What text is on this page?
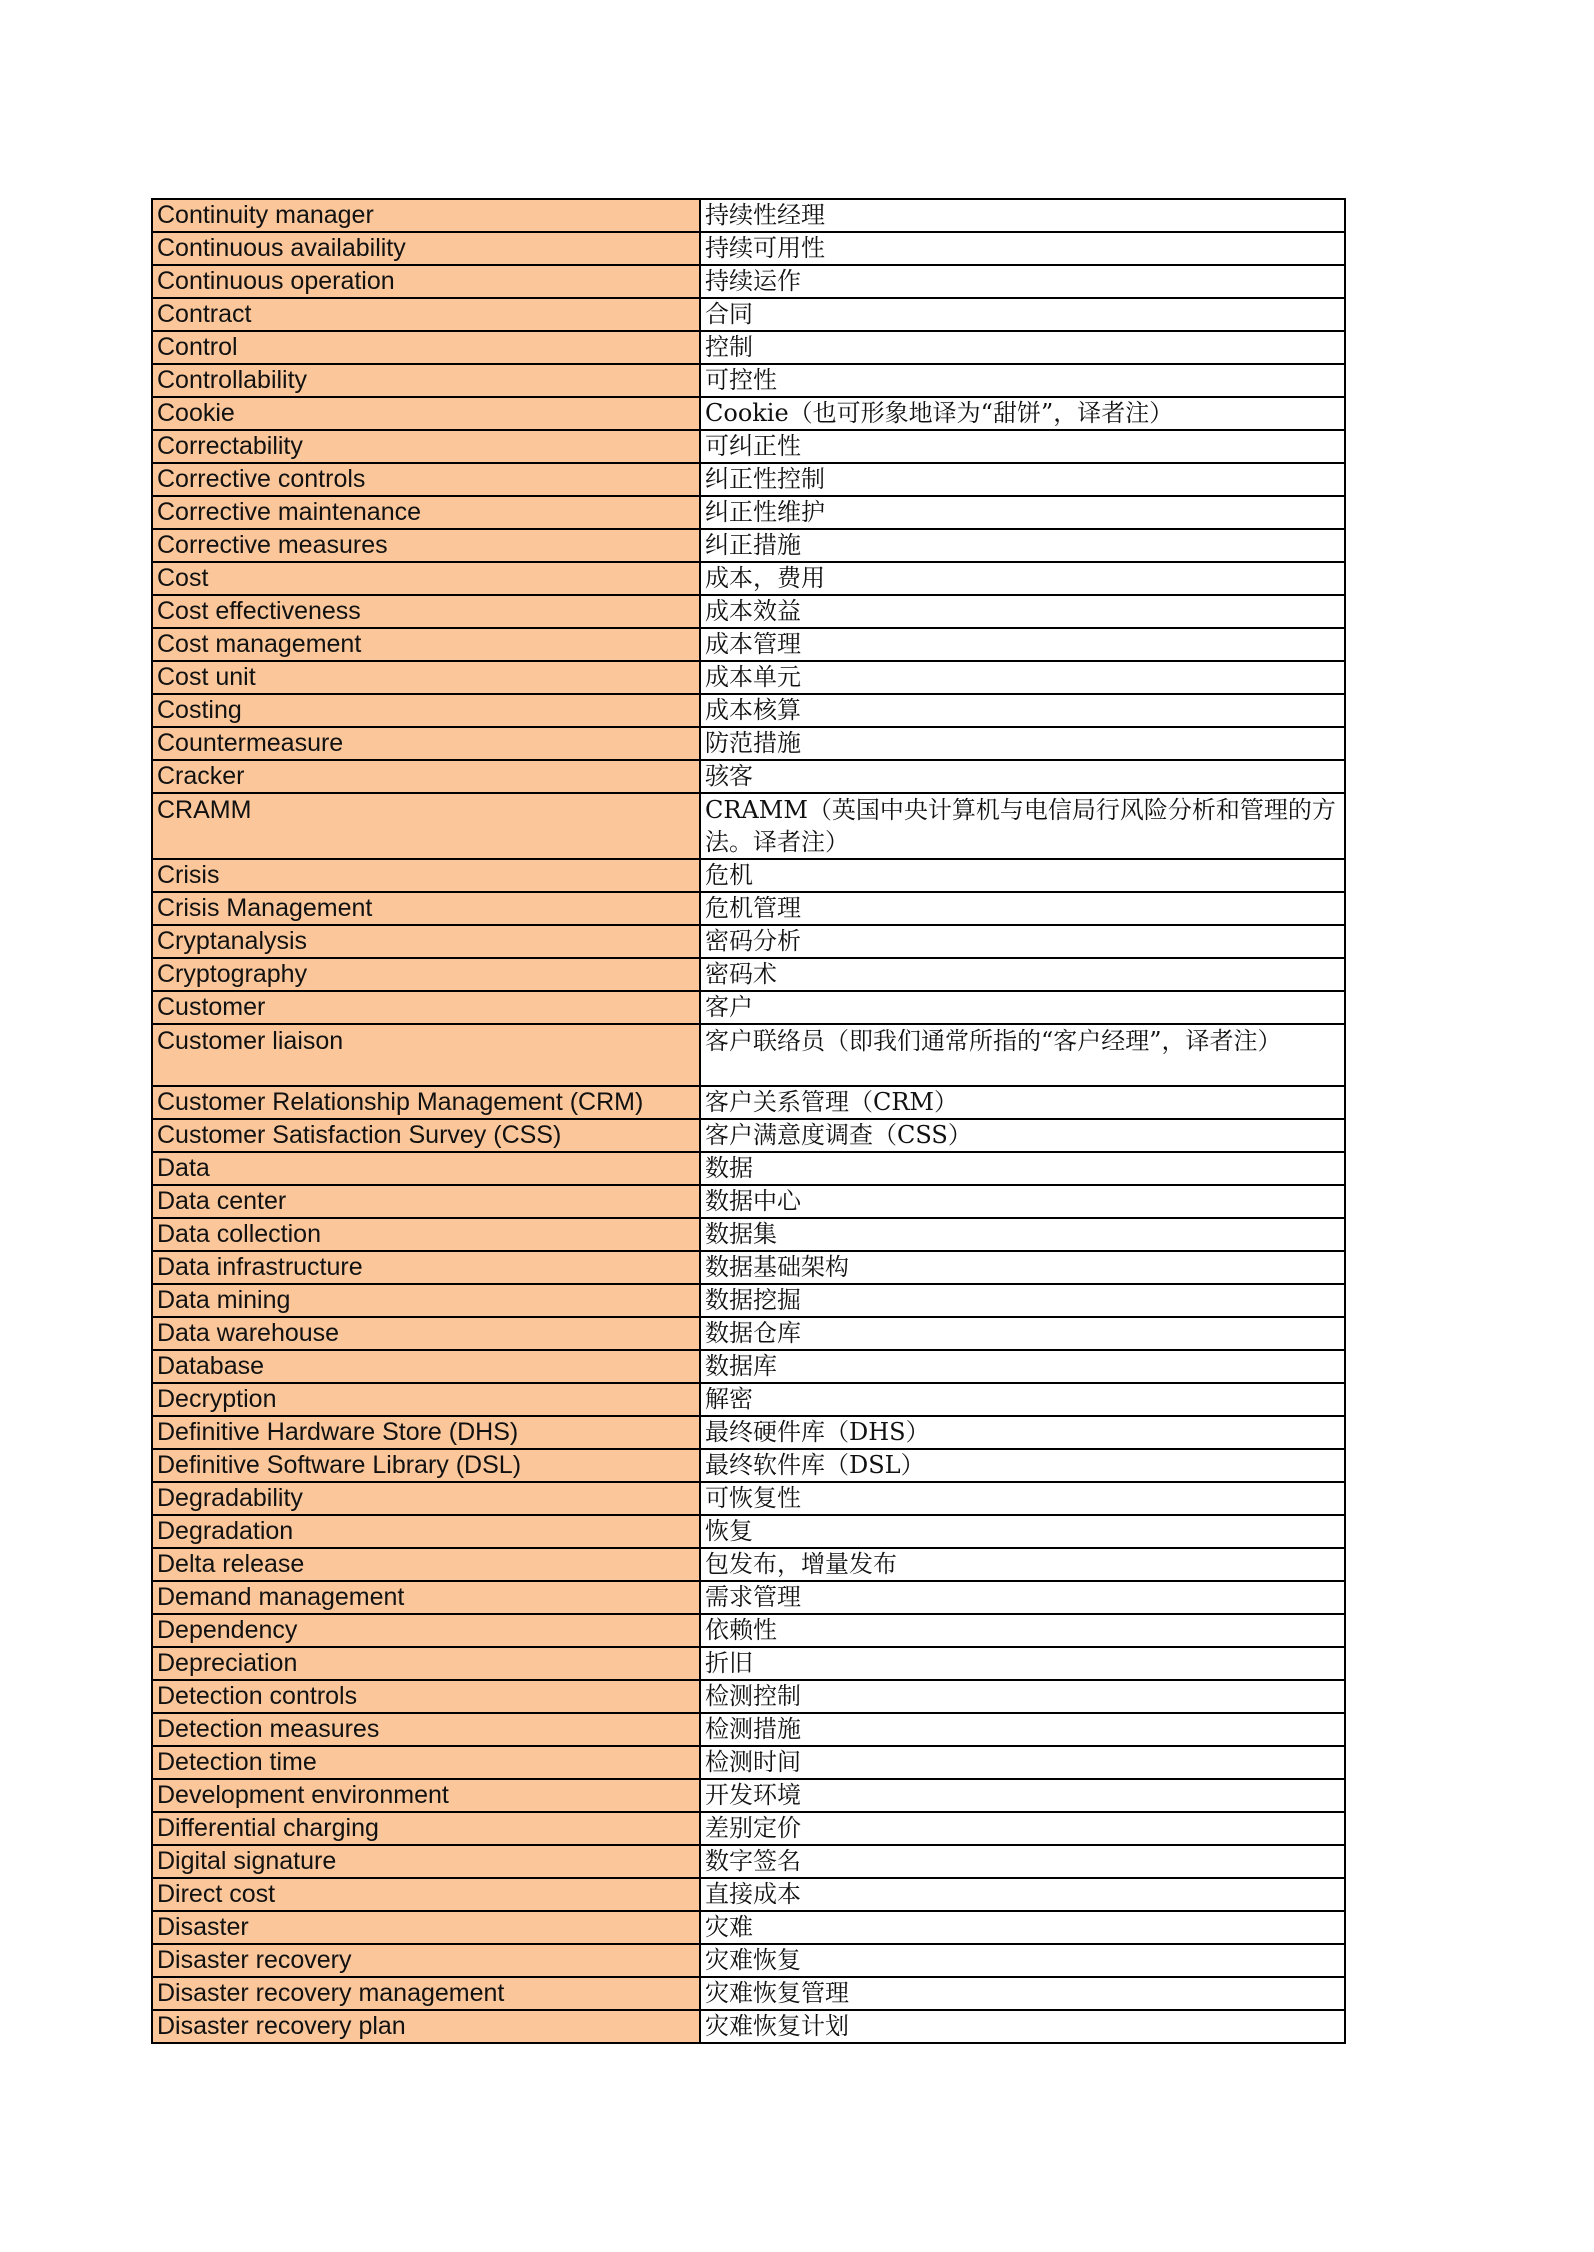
Continuity manager	持续性经理
Continuous availability	持续可用性
Continuous operation	持续运作
Contract	合同
Control	控制
Controllability	可控性
Cookie	Cookie（也可形象地译为“甜饼”，译者注）
Correctability	可纠正性
Corrective controls	纠正性控制
Corrective maintenance	纠正性维护
Corrective measures	纠正措施
Cost	成本，费用
Cost effectiveness	成本效益
Cost management	成本管理
Cost unit	成本单元
Costing	成本核算
Countermeasure	防范措施
Cracker	骇客
CRAMM	CRAMM（英国中央计算机与电信局行风险分析和管理的方法。译者注）
Crisis	危机
Crisis Management	危机管理
Cryptanalysis	密码分析
Cryptography	密码术
Customer	客户
Customer liaison	客户联络员（即我们通常所指的“客户经理”，译者注）
Customer Relationship Management (CRM)	客户关系管理（CRM）
Customer Satisfaction Survey (CSS)	客户满意度调查（CSS）
Data	数据
Data center	数据中心
Data collection	数据集
Data infrastructure	数据基础架构
Data mining	数据挖掘
Data warehouse	数据仓库
Database	数据库
Decryption	解密
Definitive Hardware Store (DHS)	最终硬件库（DHS）
Definitive Software Library (DSL)	最终软件库（DSL）
Degradability	可恢复性
Degradation	恢复
Delta release	包发布，增量发布
Demand management	需求管理
Dependency	依赖性
Depreciation	折旧
Detection controls	检测控制
Detection measures	检测措施
Detection time	检测时间
Development environment	开发环境
Differential charging	差别定价
Digital signature	数字签名
Direct cost	直接成本
Disaster	灾难
Disaster recovery	灾难恢复
Disaster recovery management	灾难恢复管理
Disaster recovery plan	灾难恢复计划
